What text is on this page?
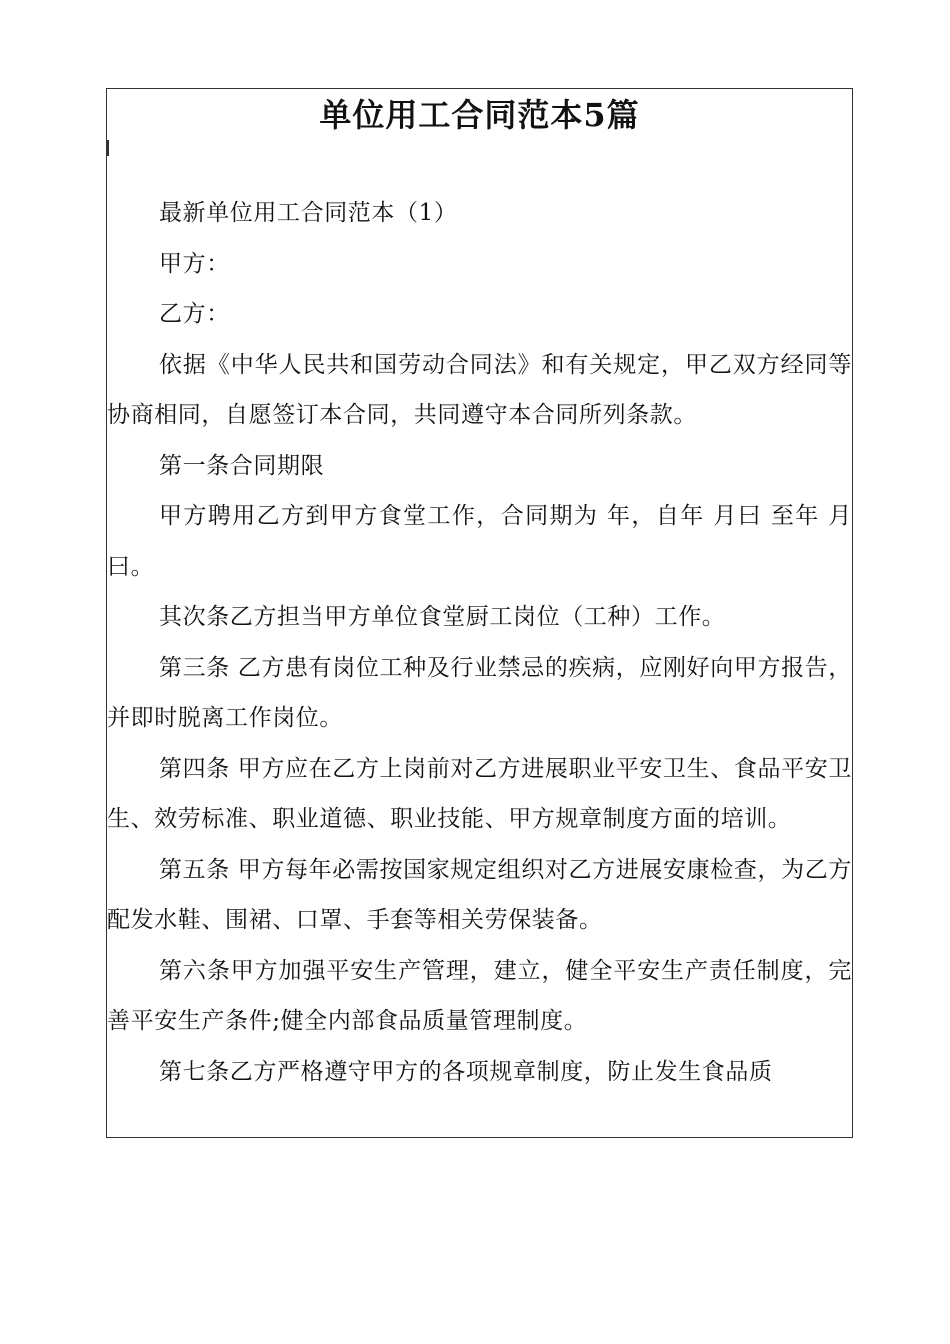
单位用工合同范本5篇

最新单位用工合同范本（1）

甲方：

乙方：

依据《中华人民共和国劳动合同法》和有关规定，甲乙双方经同等协商相同，自愿签订本合同，共同遵守本合同所列条款。

第一条合同期限

甲方聘用乙方到甲方食堂工作，合同期为 年，自年 月曰 至年 月曰。

其次条乙方担当甲方单位食堂厨工岗位（工种）工作。

第三条 乙方患有岗位工种及行业禁忌的疾病，应刚好向甲方报告，并即时脱离工作岗位。

第四条 甲方应在乙方上岗前对乙方进展职业平安卫生、食品平安卫生、效劳标准、职业道德、职业技能、甲方规章制度方面的培训。

第五条 甲方每年必需按国家规定组织对乙方进展安康检查，为乙方配发水鞋、围裙、口罩、手套等相关劳保装备。

第六条甲方加强平安生产管理，建立，健全平安生产责任制度，完善平安生产条件;健全内部食品质量管理制度。

第七条乙方严格遵守甲方的各项规章制度，防止发生食品质
